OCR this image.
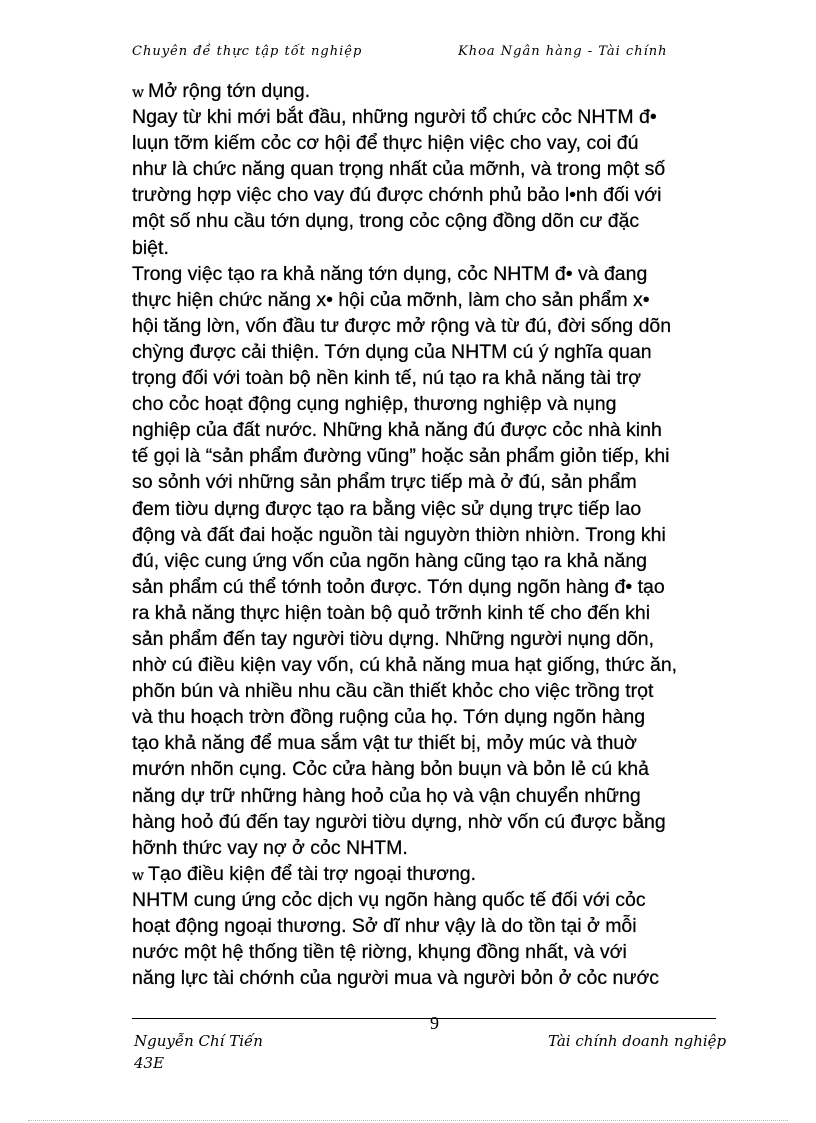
Chuyên đề thực tập tốt nghiệp	Khoa Ngân hàng - Tài chính
w Mở rộng tớn dụng.
Ngay từ khi mới bắt đầu, những người tổ chức cỏc NHTM đ•
luụn tỡm kiếm cỏc cơ hội để thực hiện việc cho vay, coi đú
như là chức năng quan trọng nhất của mỡnh, và trong một số
trường hợp việc cho vay đú được chớnh phủ bảo l•nh đối với
một số nhu cầu tớn dụng, trong cỏc cộng đồng dõn cư đặc
biệt.
Trong việc tạo ra khả năng tớn dụng, cỏc NHTM đ• và đang
thực hiện chức năng x• hội của mỡnh, làm cho sản phẩm x•
hội tăng lờn, vốn đầu tư được mở rộng và từ đú, đời sống dõn
chỳng được cải thiện. Tớn dụng của NHTM cú ý nghĩa quan
trọng đối với toàn bộ nền kinh tế, nú tạo ra khả năng tài trợ
cho cỏc hoạt động cụng nghiệp, thương nghiệp và nụng
nghiệp của đất nước. Những khả năng đú được cỏc nhà kinh
tế gọi là “sản phẩm đường vũng” hoặc sản phẩm giỏn tiếp, khi
so sỏnh với những sản phẩm trực tiếp mà ở đú, sản phẩm
đem tiờu dựng được tạo ra bằng việc sử dụng trực tiếp lao
động và đất đai hoặc nguồn tài nguyờn thiờn nhiờn. Trong khi
đú, việc cung ứng vốn của ngõn hàng cũng tạo ra khả năng
sản phẩm cú thể tớnh toỏn được. Tớn dụng ngõn hàng đ• tạo
ra khả năng thực hiện toàn bộ quỏ trỡnh kinh tế cho đến khi
sản phẩm đến tay người tiờu dựng. Những người nụng dõn,
nhờ cú điều kiện vay vốn, cú khả năng mua hạt giống, thức ăn,
phõn bún và nhiều nhu cầu cần thiết khỏc cho việc trồng trọt
và thu hoạch trờn đồng ruộng của họ. Tớn dụng ngõn hàng
tạo khả năng để mua sắm vật tư thiết bị, mỏy múc và thuờ
mướn nhõn cụng. Cỏc cửa hàng bỏn buụn và bỏn lẻ cú khả
năng dự trữ những hàng hoỏ của họ và vận chuyển những
hàng hoỏ đú đến tay người tiờu dựng, nhờ vốn cú được bằng
hỡnh thức vay nợ ở cỏc NHTM.
w Tạo điều kiện để tài trợ ngoại thương.
NHTM cung ứng cỏc dịch vụ ngõn hàng quốc tế đối với cỏc
hoạt động ngoại thương. Sở dĩ như vậy là do tồn tại ở mỗi
nước một hệ thống tiền tệ riờng, khụng đồng nhất, và với
năng lực tài chớnh của người mua và người bỏn ở cỏc nước
9
Nguyễn Chí Tiến
43E
Tài chính doanh nghiệp
